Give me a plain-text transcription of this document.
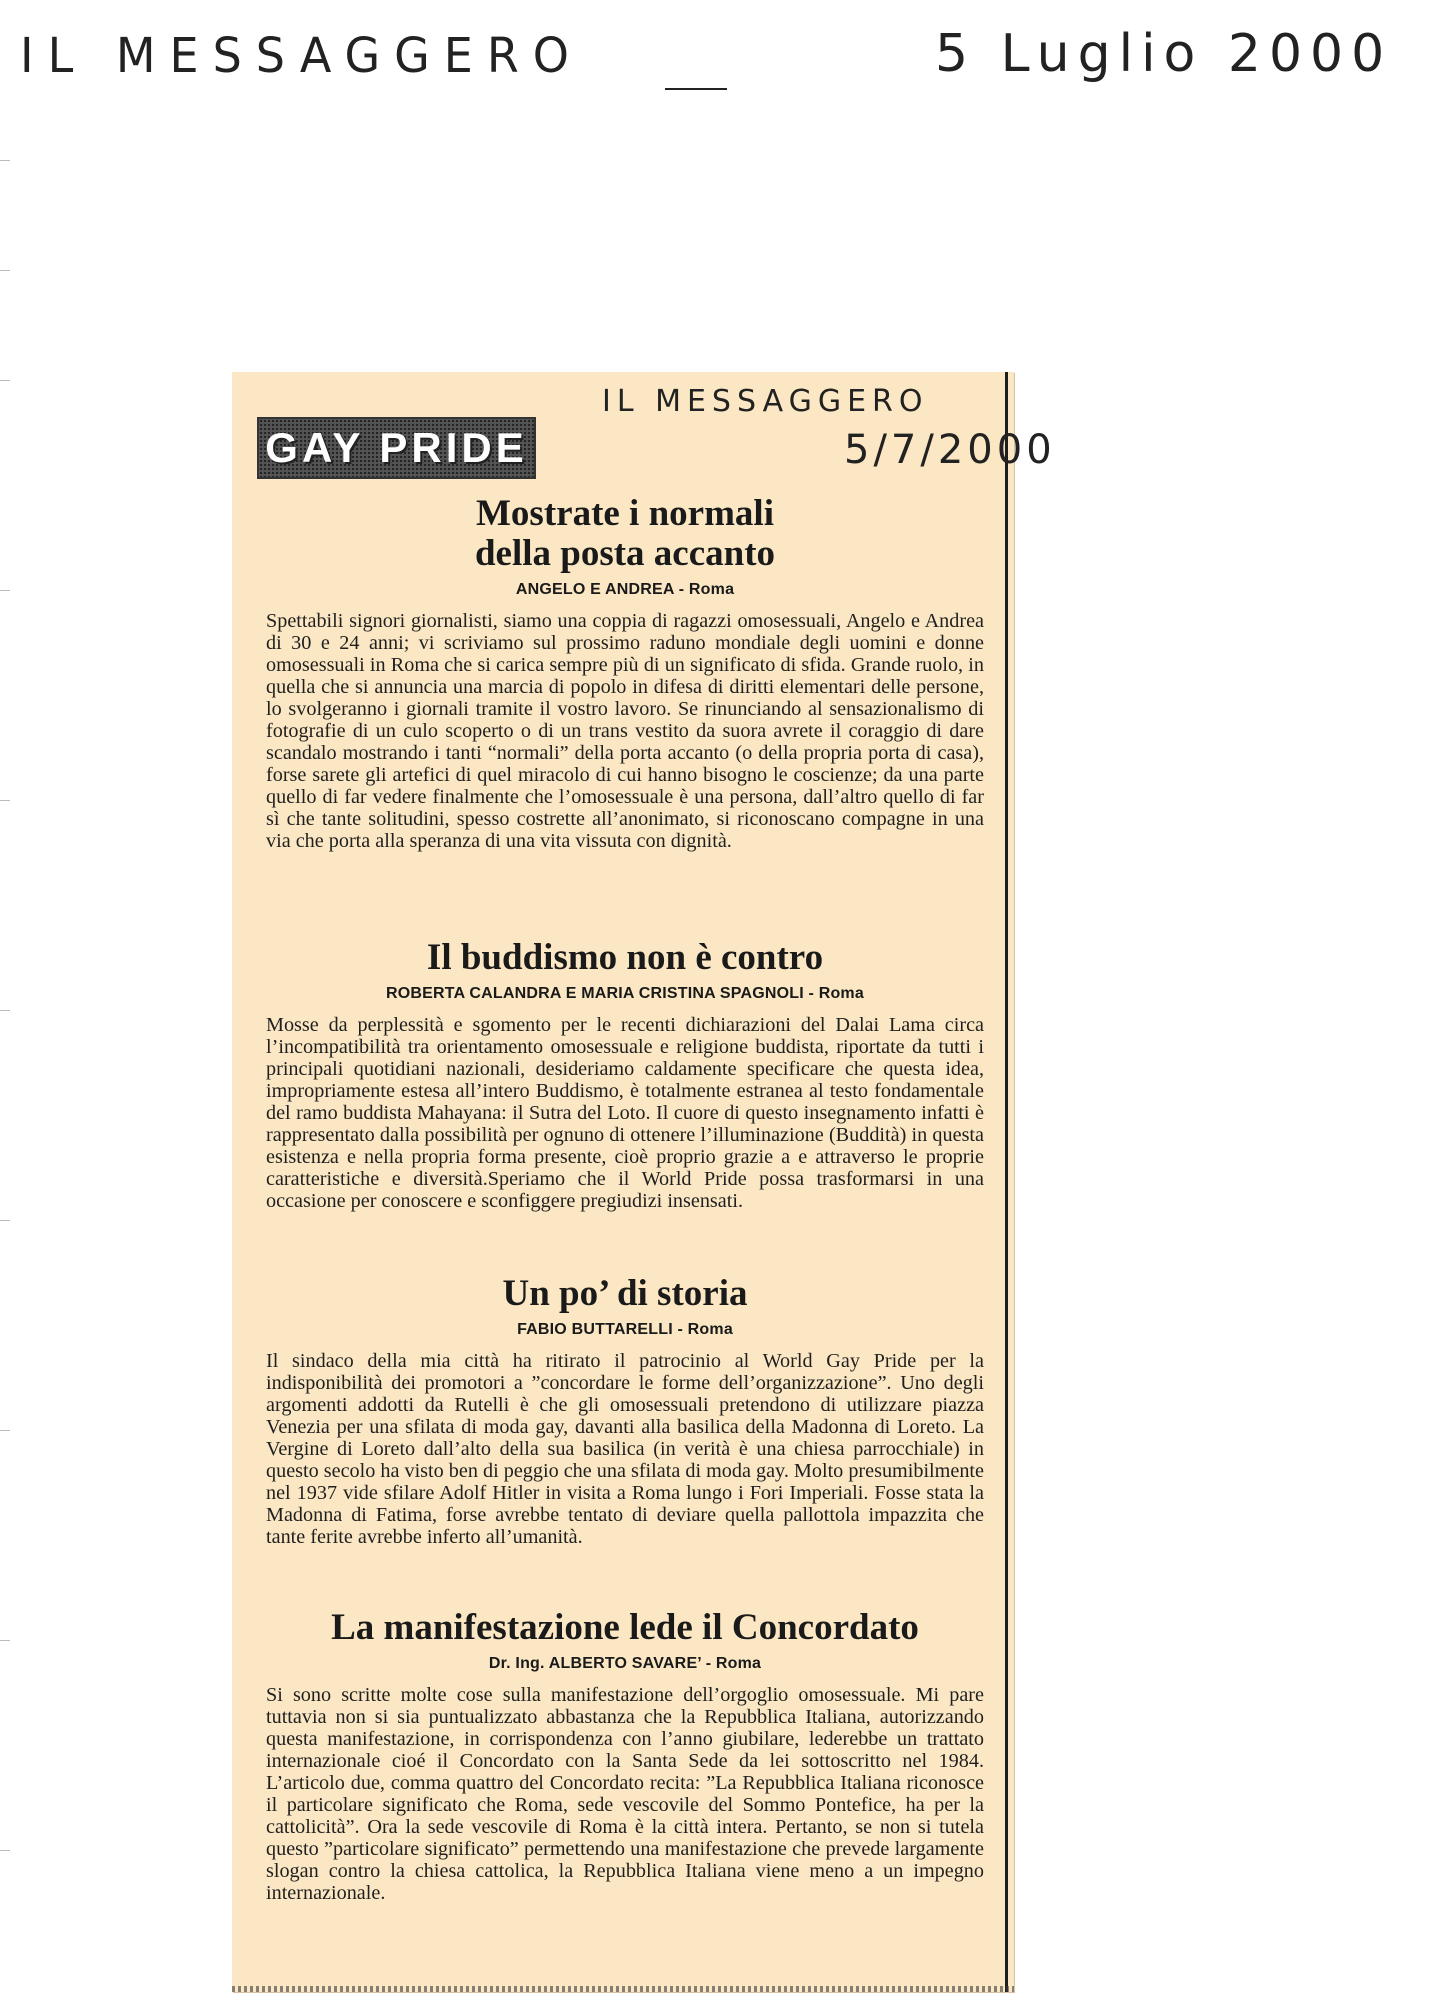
IL MESSAGGERO	5 Luglio 2000
GAY PRIDE
IL MESSAGGERO
5/7/2000
Mostrate i normali della posta accanto
ANGELO E ANDREA - Roma

Spettabili signori giornalisti, siamo una coppia di ragazzi omosessuali, Angelo e Andrea di 30 e 24 anni; vi scriviamo sul prossimo raduno mondiale degli uomini e donne omosessuali in Roma che si carica sempre più di un significato di sfida. Grande ruolo, in quella che si annuncia una marcia di popolo in difesa di diritti elementari delle persone, lo svolgeranno i giornali tramite il vostro lavoro. Se rinunciando al sensazionalismo di fotografie di un culo scoperto o di un trans vestito da suora avrete il coraggio di dare scandalo mostrando i tanti “normali” della porta accanto (o della propria porta di casa), forse sarete gli artefici di quel miracolo di cui hanno bisogno le coscienze; da una parte quello di far vedere finalmente che l’omosessuale è una persona, dall’altro quello di far sì che tante solitudini, spesso costrette all’anonimato, si riconoscano compagne in una via che porta alla speranza di una vita vissuta con dignità.

Il buddismo non è contro
ROBERTA CALANDRA E MARIA CRISTINA SPAGNOLI - Roma

Mosse da perplessità e sgomento per le recenti dichiarazioni del Dalai Lama circa l’incompatibilità tra orientamento omosessuale e religione buddista, riportate da tutti i principali quotidiani nazionali, desideriamo caldamente specificare che questa idea, impropriamente estesa all’intero Buddismo, è totalmente estranea al testo fondamentale del ramo buddista Mahayana: il Sutra del Loto. Il cuore di questo insegnamento infatti è rappresentato dalla possibilità per ognuno di ottenere l’illuminazione (Buddità) in questa esistenza e nella propria forma presente, cioè proprio grazie a e attraverso le proprie caratteristiche e diversità.Speriamo che il World Pride possa trasformarsi in una occasione per conoscere e sconfiggere pregiudizi insensati.

Un po’ di storia
FABIO BUTTARELLI - Roma

Il sindaco della mia città ha ritirato il patrocinio al World Gay Pride per la indisponibilità dei promotori a ”concordare le forme dell’organizzazione”. Uno degli argomenti addotti da Rutelli è che gli omosessuali pretendono di utilizzare piazza Venezia per una sfilata di moda gay, davanti alla basilica della Madonna di Loreto. La Vergine di Loreto dall’alto della sua basilica (in verità è una chiesa parrocchiale) in questo secolo ha visto ben di peggio che una sfilata di moda gay. Molto presumibilmente nel 1937 vide sfilare Adolf Hitler in visita a Roma lungo i Fori Imperiali. Fosse stata la Madonna di Fatima, forse avrebbe tentato di deviare quella pallottola impazzita che tante ferite avrebbe inferto all’umanità.

La manifestazione lede il Concordato
Dr. Ing. ALBERTO SAVARE’ - Roma

Si sono scritte molte cose sulla manifestazione dell’orgoglio omosessuale. Mi pare tuttavia non si sia puntualizzato abbastanza che la Repubblica Italiana, autorizzando questa manifestazione, in corrispondenza con l’anno giubilare, lederebbe un trattato internazionale cioé il Concordato con la Santa Sede da lei sottoscritto nel 1984. L’articolo due, comma quattro del Concordato recita: ”La Repubblica Italiana riconosce il particolare significato che Roma, sede vescovile del Sommo Pontefice, ha per la cattolicità”. Ora la sede vescovile di Roma è la città intera. Pertanto, se non si tutela questo ”particolare significato” permettendo una manifestazione che prevede largamente slogan contro la chiesa cattolica, la Repubblica Italiana viene meno a un impegno internazionale.
